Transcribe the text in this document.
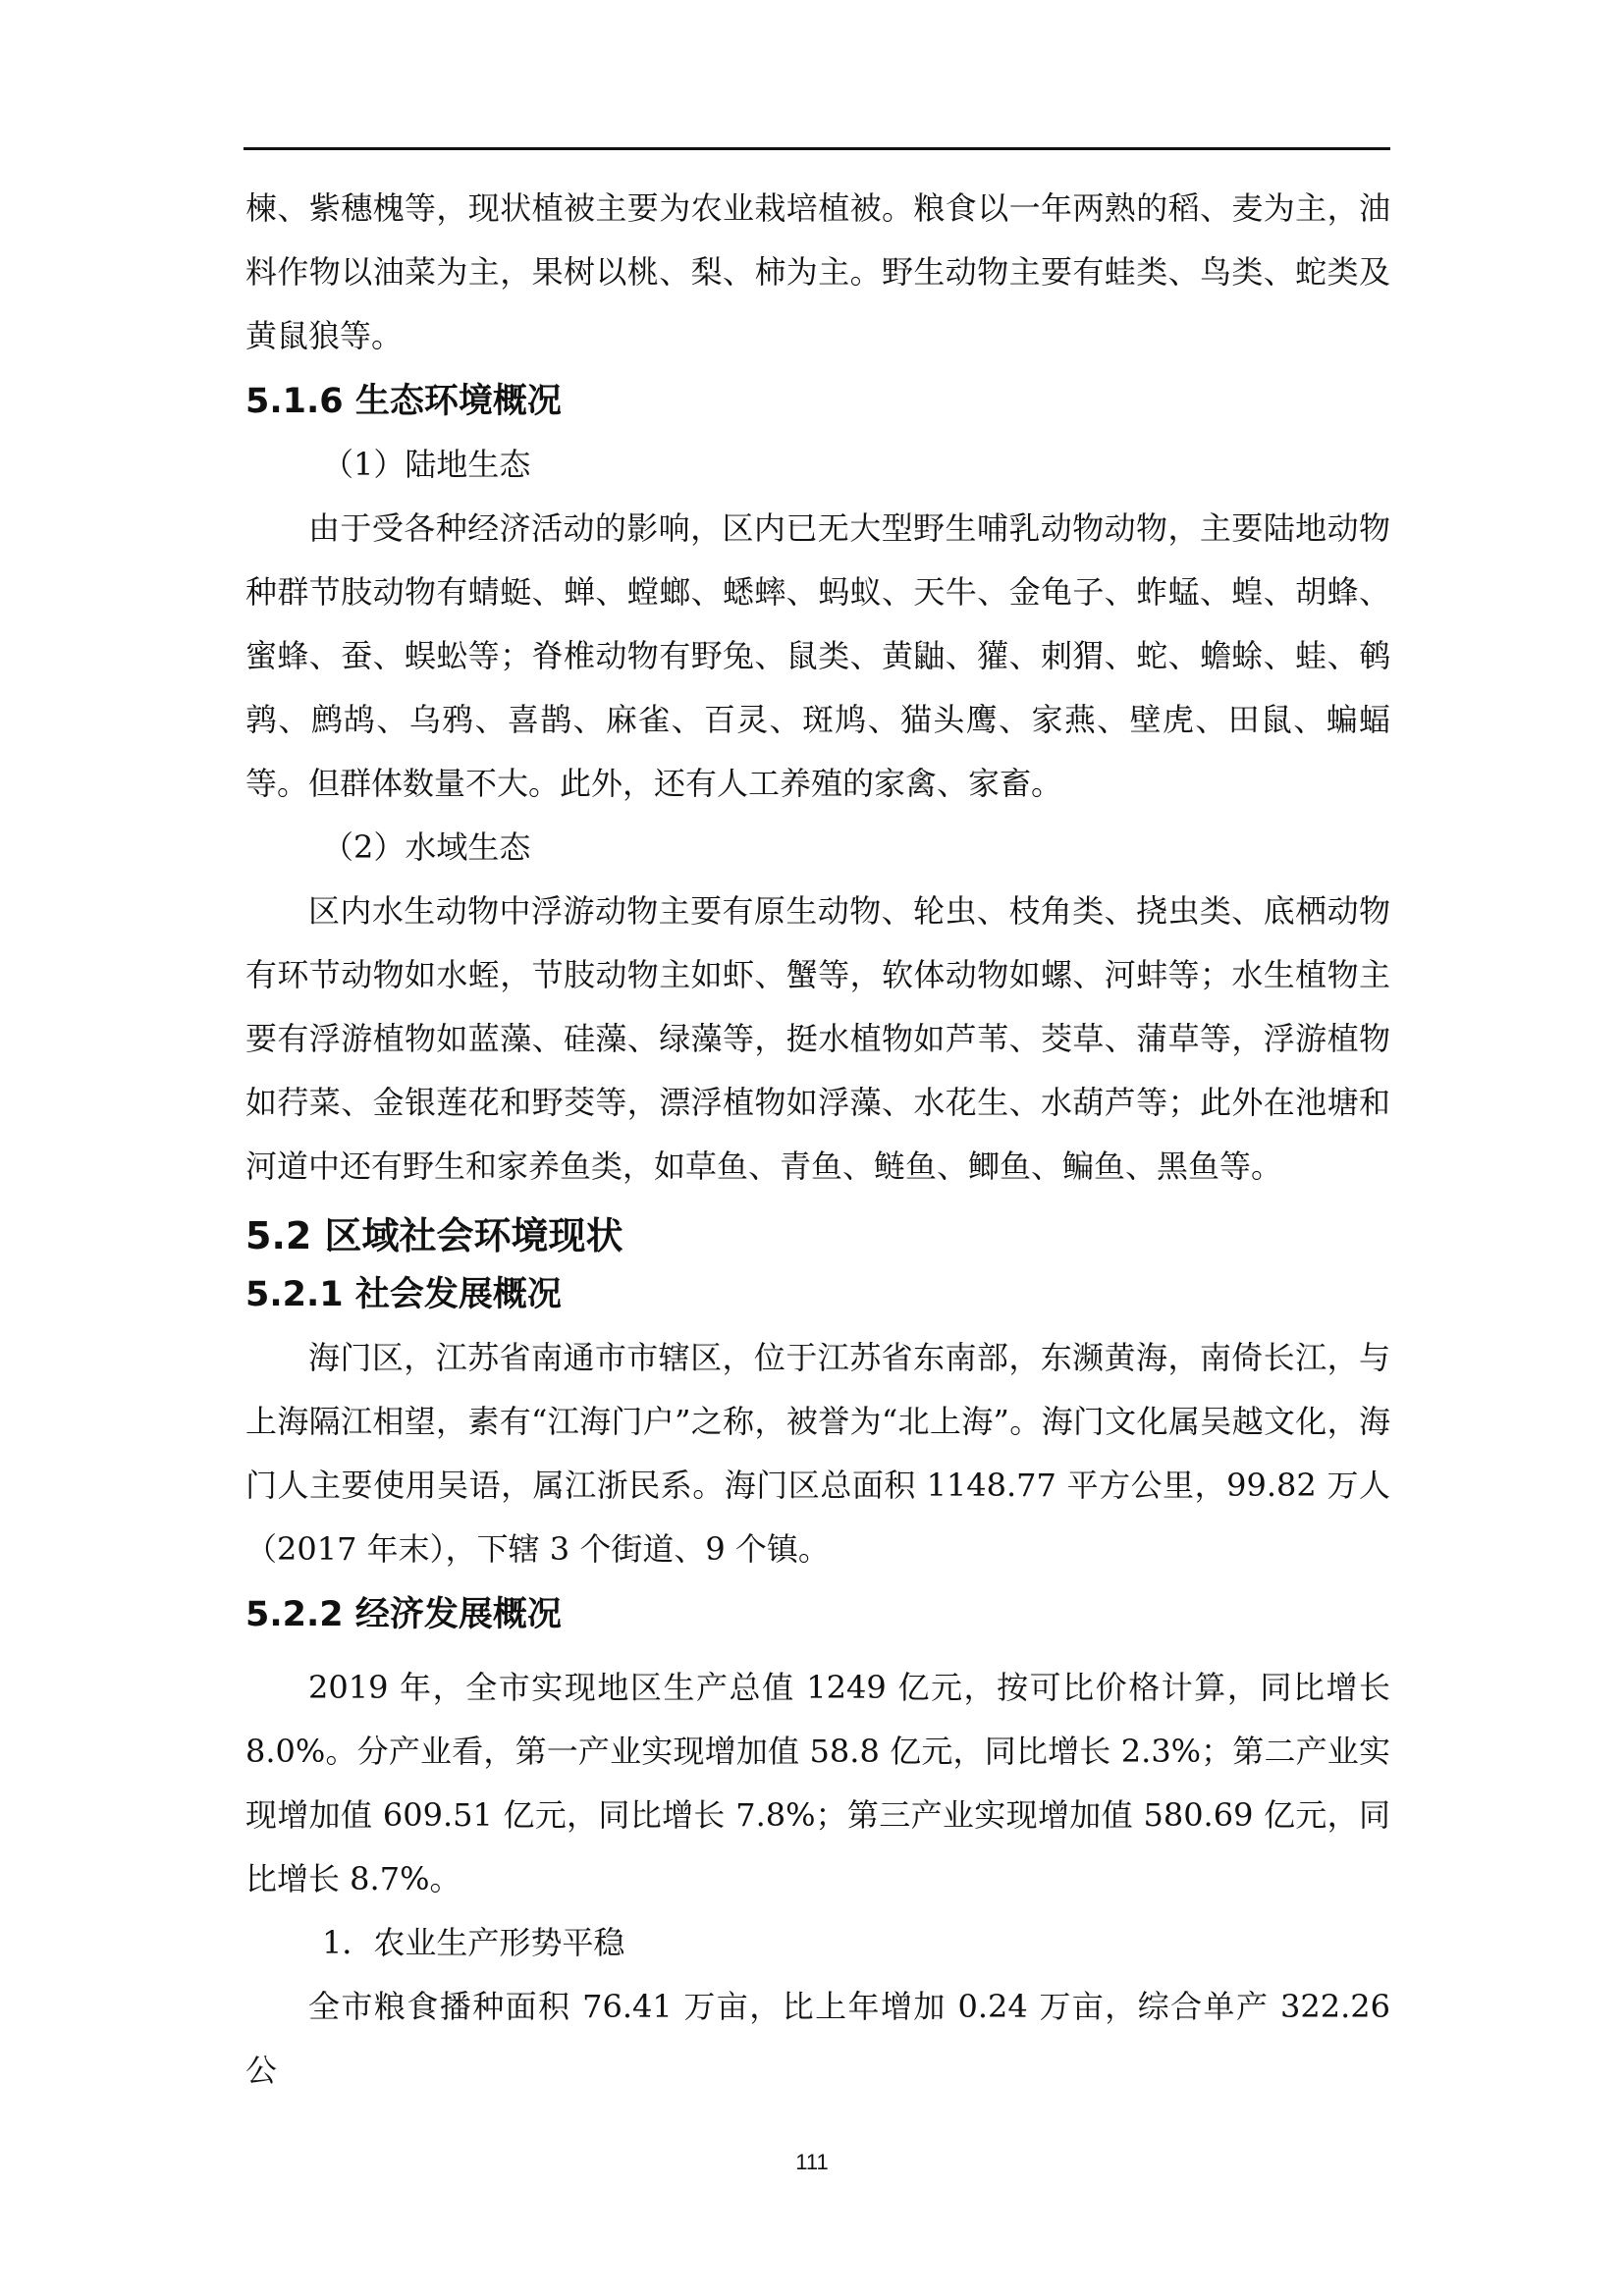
楝、紫穗槐等，现状植被主要为农业栽培植被。粮食以一年两熟的稻、麦为主，油料作物以油菜为主，果树以桃、梨、柿为主。野生动物主要有蛙类、鸟类、蛇类及黄鼠狼等。

5.1.6 生态环境概况

（1）陆地生态

由于受各种经济活动的影响，区内已无大型野生哺乳动物动物，主要陆地动物种群节肢动物有蜻蜓、蝉、螳螂、蟋蟀、蚂蚁、天牛、金龟子、蚱蜢、蝗、胡蜂、蜜蜂、蚕、蜈蚣等；脊椎动物有野兔、鼠类、黄鼬、獾、刺猬、蛇、蟾蜍、蛙、鹌鹑、鹧鸪、乌鸦、喜鹊、麻雀、百灵、斑鸠、猫头鹰、家燕、壁虎、田鼠、蝙蝠等。但群体数量不大。此外，还有人工养殖的家禽、家畜。

（2）水域生态

区内水生动物中浮游动物主要有原生动物、轮虫、枝角类、挠虫类、底栖动物有环节动物如水蛭，节肢动物主如虾、蟹等，软体动物如螺、河蚌等；水生植物主要有浮游植物如蓝藻、硅藻、绿藻等，挺水植物如芦苇、茭草、蒲草等，浮游植物如荇菜、金银莲花和野茭等，漂浮植物如浮藻、水花生、水葫芦等；此外在池塘和河道中还有野生和家养鱼类，如草鱼、青鱼、鲢鱼、鲫鱼、鳊鱼、黑鱼等。

5.2 区域社会环境现状
5.2.1 社会发展概况

海门区，江苏省南通市市辖区，位于江苏省东南部，东濒黄海，南倚长江，与上海隔江相望，素有“江海门户”之称，被誉为“北上海”。海门文化属吴越文化，海门人主要使用吴语，属江浙民系。海门区总面积 1148.77 平方公里，99.82 万人（2017 年末），下辖 3 个街道、9 个镇。

5.2.2 经济发展概况

2019 年，全市实现地区生产总值 1249 亿元，按可比价格计算，同比增长 8.0%。分产业看，第一产业实现增加值 58.8 亿元，同比增长 2.3%；第二产业实现增加值 609.51 亿元，同比增长 7.8%；第三产业实现增加值 580.69 亿元，同比增长 8.7%。

1．农业生产形势平稳

全市粮食播种面积 76.41 万亩，比上年增加 0.24 万亩，综合单产 322.26 公

111
